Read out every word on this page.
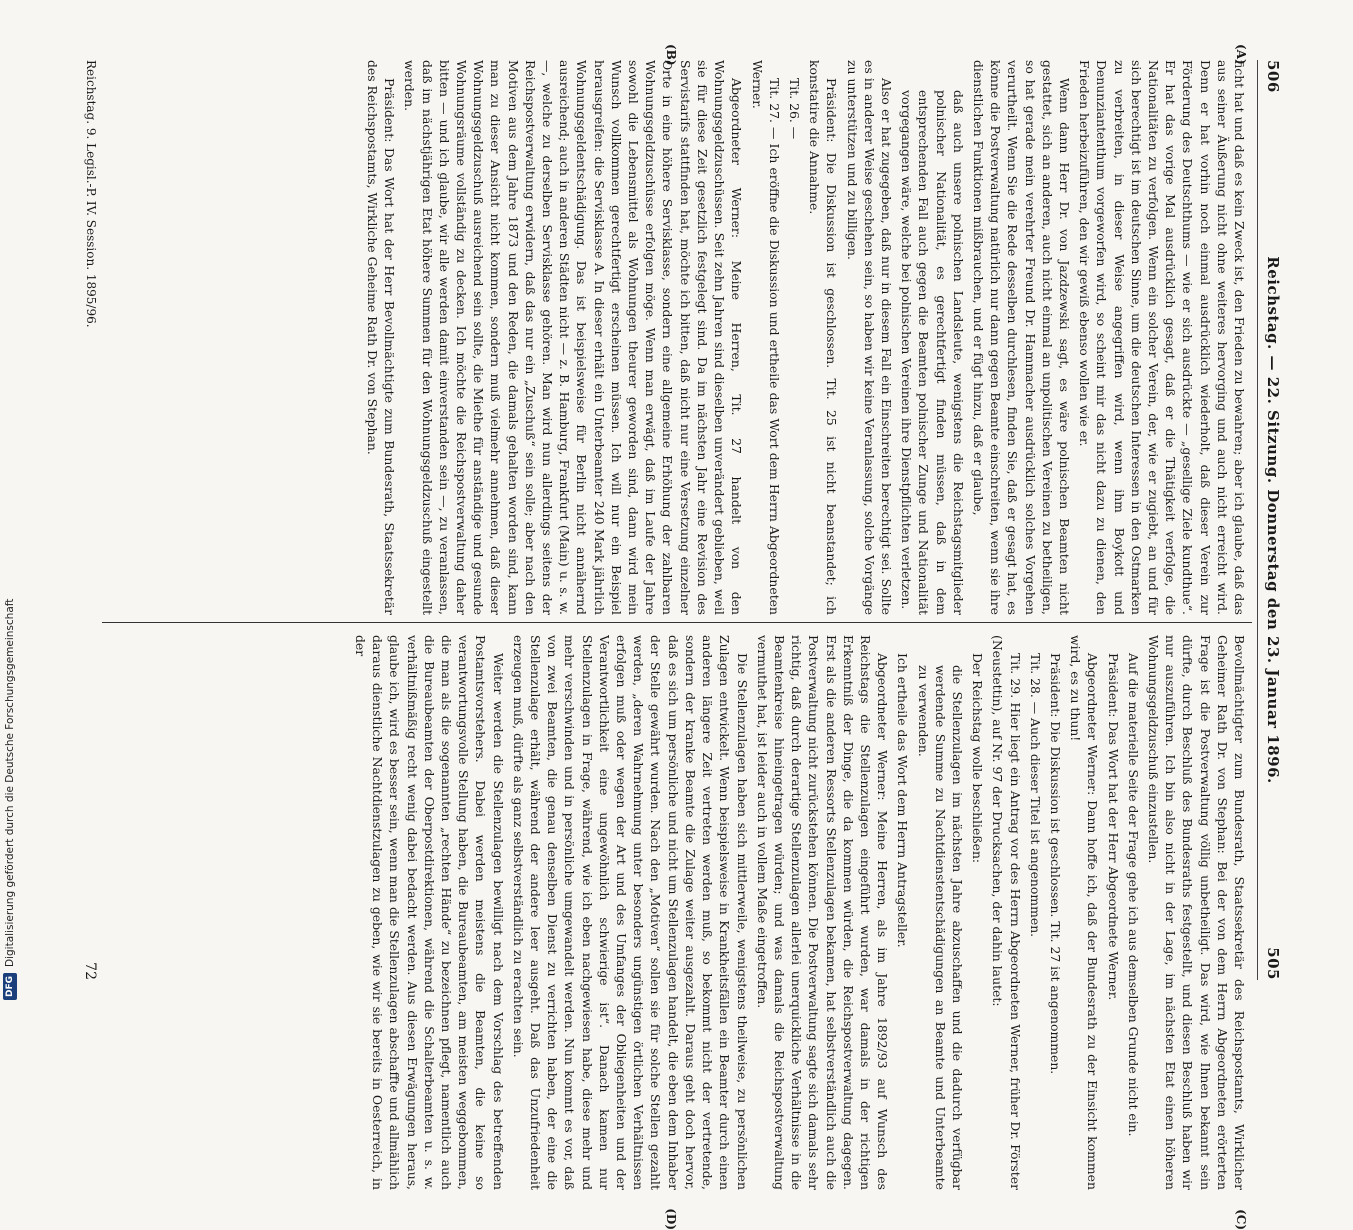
506
Reichstag. — 22. Sitzung. Donnerstag den 23. Januar 1896.
505

ficht hat und daß es kein Zweck ist, den Frieden zu bewahren; aber ich glaube, daß das aus seiner Äußerung nicht ohne weiteres hervorging und auch nicht erreicht wird. Denn er hat vorhin noch einmal ausdrücklich wiederholt, daß dieser Verein zur Förderung des Deutschthums — wie er sich ausdrückte — „gesellige Ziele kundthue“. Er hat das vorige Mal ausdrücklich gesagt, daß er die Thätigkeit verfolge, die Nationalitäten zu verfolgen. Wenn ein solcher Verein, der, wie er zugiebt, an und für sich berechtigt ist im deutschen Sinne, um die deutschen Interessen in den Ostmarken zu verbreiten, in dieser Weise angegriffen wird, wenn ihm Boykott und Denunziantenthum vorgeworfen wird, so scheint mir das nicht dazu zu dienen, den Frieden herbeizuführen, den wir gewiß ebenso wollen wie er.

Wenn dann Herr Dr. von Jazdzewski sagt, es wäre polnischen Beamten nicht gestattet, sich an anderen, auch nicht einmal an unpolitischen Vereinen zu betheiligen, so hat gerade mein verehrter Freund Dr. Hammacher ausdrücklich solches Vorgehen verurtheilt. Wenn Sie die Rede desselben durchlesen, finden Sie, daß er gesagt hat, es könne die Postverwaltung natürlich nur dann gegen Beamte einschreiten, wenn sie ihre dienstlichen Funktionen mißbrauchen, und er fügt hinzu, daß er glaube,

daß auch unsere polnischen Landsleute, wenigstens die Reichstagsmitglieder polnischer Nationalität, es gerechtfertigt finden müssen, daß in dem entsprechenden Fall auch gegen die Beamten polnischer Zunge und Nationalität vorgegangen wäre, welche bei polnischen Vereinen ihre Dienstpflichten verletzen.

Also er hat zugegeben, daß nur in diesem Fall ein Einschreiten berechtigt sei. Sollte es in anderer Weise geschehen sein, so haben wir keine Veranlassung, solche Vorgänge zu unterstützen und zu billigen.

Präsident: Die Diskussion ist geschlossen. Tit. 25 ist nicht beanstandet; ich konstatire die Annahme.

Tit. 26. —

Tit. 27. — Ich eröffne die Diskussion und ertheile das Wort dem Herrn Abgeordneten Werner.

Abgeordneter Werner: Meine Herren, Tit. 27 handelt von den Wohnungsgeldzuschüssen. Seit zehn Jahren sind dieselben unverändert geblieben, weil sie für diese Zeit gesetzlich festgelegt sind. Da im nächsten Jahr eine Revision des Servistarifs stattfinden hat, möchte ich bitten, daß nicht nur eine Versetzung einzelner Orte in eine höhere Servisklasse, sondern eine allgemeine Erhöhung der zahlbaren Wohnungsgeldzuschüsse erfolgen möge. Wenn man erwägt, daß im Laufe der Jahre sowohl die Lebensmittel als Wohnungen theurer geworden sind, dann wird mein Wunsch vollkommen gerechtfertigt erscheinen müssen. Ich will nur ein Beispiel herausgreifen: die Servisklasse A. In dieser erhält ein Unterbeamter 240 Mark jährlich Wohnungsgeldentschädigung. Das ist beispielsweise für Berlin nicht annähernd ausreichend; auch in anderen Städten nicht — z. B. Hamburg, Frankfurt (Main) u. s. w. —, welche zu derselben Servisklasse gehören. Man wird nun allerdings seitens der Reichspostverwaltung erwidern, daß das nur ein „Zuschuß“ sein solle; aber nach den Motiven aus dem Jahre 1873 und den Reden, die damals gehalten worden sind, kann man zu dieser Ansicht nicht kommen, sondern muß vielmehr annehmen, daß dieser Wohnungsgeldzuschuß ausreichend sein sollte, die Miethe für anständige und gesunde Wohnungsräume vollständig zu decken. Ich möchte die Reichspostverwaltung daher bitten — und ich glaube, wir alle werden damit einverstanden sein —, zu veranlassen, daß im nächstjährigen Etat höhere Summen für den Wohnungsgeldzuschuß eingestellt werden.

Präsident: Das Wort hat der Herr Bevollmächtigte zum Bundesrath, Staatssekretär des Reichspostamts, Wirkliche Geheime Rath Dr. von Stephan.

Bevollmächtigter zum Bundesrath, Staatssekretär des Reichspostamts, Wirklicher Geheimer Rath Dr. von Stephan: Bei der von dem Herrn Abgeordneten erörterten Frage ist die Postverwaltung völlig unbetheiligt. Das wird, wie Ihnen bekannt sein dürfte, durch Beschluß des Bundesraths festgestellt, und diesen Beschluß haben wir nur auszuführen. Ich bin also nicht in der Lage, im nächsten Etat einen höheren Wohnungsgeldzuschuß einzustellen.

Auf die materielle Seite der Frage gehe ich aus demselben Grunde nicht ein.

Präsident: Das Wort hat der Herr Abgeordnete Werner.

Abgeordneter Werner: Dann hoffe ich, daß der Bundesrath zu der Einsicht kommen wird, es zu thun!

Präsident: Die Diskussion ist geschlossen. Tit. 27 ist angenommen.

Tit. 28. — Auch dieser Titel ist angenommen.

Tit. 29. Hier liegt ein Antrag vor des Herrn Abgeordneten Werner, früher Dr. Förster (Neustettin), auf Nr. 97 der Drucksachen, der dahin lautet:

Der Reichstag wolle beschließen:

die Stellenzulagen im nächsten Jahre abzuschaffen und die dadurch verfügbar werdende Summe zu Nachtdienstentschädigungen an Beamte und Unterbeamte zu verwenden.

Ich ertheile das Wort dem Herrn Antragsteller.

Abgeordneter Werner: Meine Herren, als im Jahre 1892/93 auf Wunsch des Reichstags die Stellenzulagen eingeführt wurden, war damals in der richtigen Erkenntniß der Dinge, die da kommen würden, die Reichspostverwaltung dagegen. Erst als die anderen Ressorts Stellenzulagen bekamen, hat selbstverständlich auch die Postverwaltung nicht zurückstehen können. Die Postverwaltung sagte sich damals sehr richtig, daß durch derartige Stellenzulagen allerlei unerquickliche Verhältnisse in die Beamtenkreise hineingetragen würden; und was damals die Reichspostverwaltung vermuthet hat, ist leider auch in vollem Maße eingetroffen.

Die Stellenzulagen haben sich mittlerweile, wenigstens theilweise, zu persönlichen Zulagen entwickelt. Wenn beispielsweise in Krankheitsfällen ein Beamter durch einen anderen längere Zeit vertreten werden muß, so bekommt nicht der vertretende, sondern der kranke Beamte die Zulage weiter ausgezahlt. Daraus geht doch hervor, daß es sich um persönliche und nicht um Stellenzulagen handelt, die eben dem Inhaber der Stelle gewährt wurden. Nach den „Motiven“ sollen sie für solche Stellen gezahlt werden, „deren Wahrnehmung unter besonders ungünstigen örtlichen Verhältnissen erfolgen muß oder wegen der Art und des Umfanges der Obliegenheiten und der Verantwortlichkeit eine ungewöhnlich schwierige ist“. Danach kamen nur Stellenzulagen in Frage, während, wie ich eben nachgewiesen habe, diese mehr und mehr verschwinden und in persönliche umgewandelt werden. Nun kommt es vor, daß von zwei Beamten, die genau denselben Dienst zu verrichten haben, der eine die Stellenzulage erhält, während der andere leer ausgeht. Daß das Unzufriedenheit erzeugen muß, dürfte als ganz selbstverständlich zu erachten sein.

Weiter werden die Stellenzulagen bewilligt nach dem Vorschlag des betreffenden Postamtsvorstehers. Dabei werden meistens die Beamten, die keine so verantwortungsvolle Stellung haben, die Bureaubeamten, am meisten weggebommen, die man als die sogenannten „rechten Hände“ zu bezeichnen pflegt, namentlich auch die Bureaubeamten der Oberpostdirektionen, während die Schalterbeamten u. s. w. verhältnißmäßig recht wenig dabei bedacht werden. Aus diesen Erwägungen heraus, glaube ich, wird es besser sein, wenn man die Stellenzulagen abschaffte und allmählich daraus dienstliche Nachtdienstzulagen zu geben, wie wir sie bereits in Oesterreich, in der

(A)
(B)
(C)
(D)
Reichstag. 9. Legisl.-P. IV. Session. 1895/96.
72
DFG
Digitalisierung gefördert durch die Deutsche Forschungsgemeinschaft
